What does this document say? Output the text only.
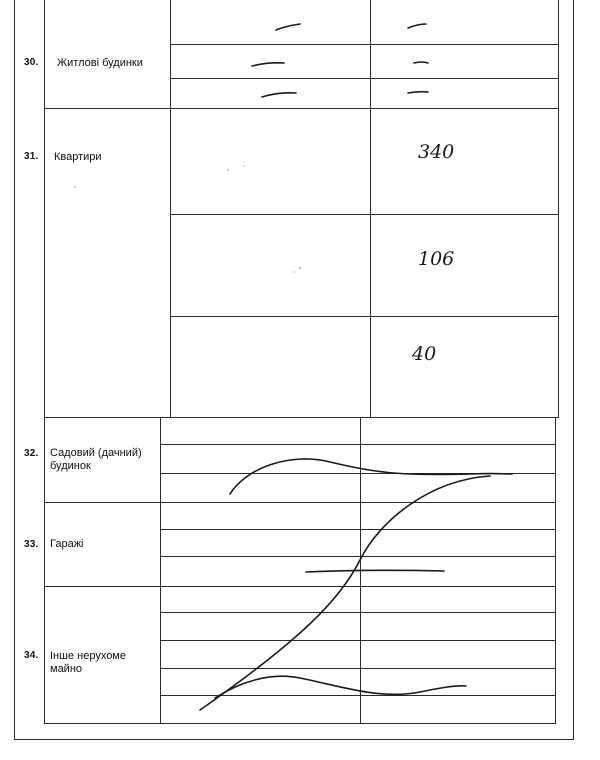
30.
31.
32.
33.
34.
Житлові будинки
Квартири
Садовий (дачний)
будинок
Гаражі
Інше нерухоме
майно
340
106
40
